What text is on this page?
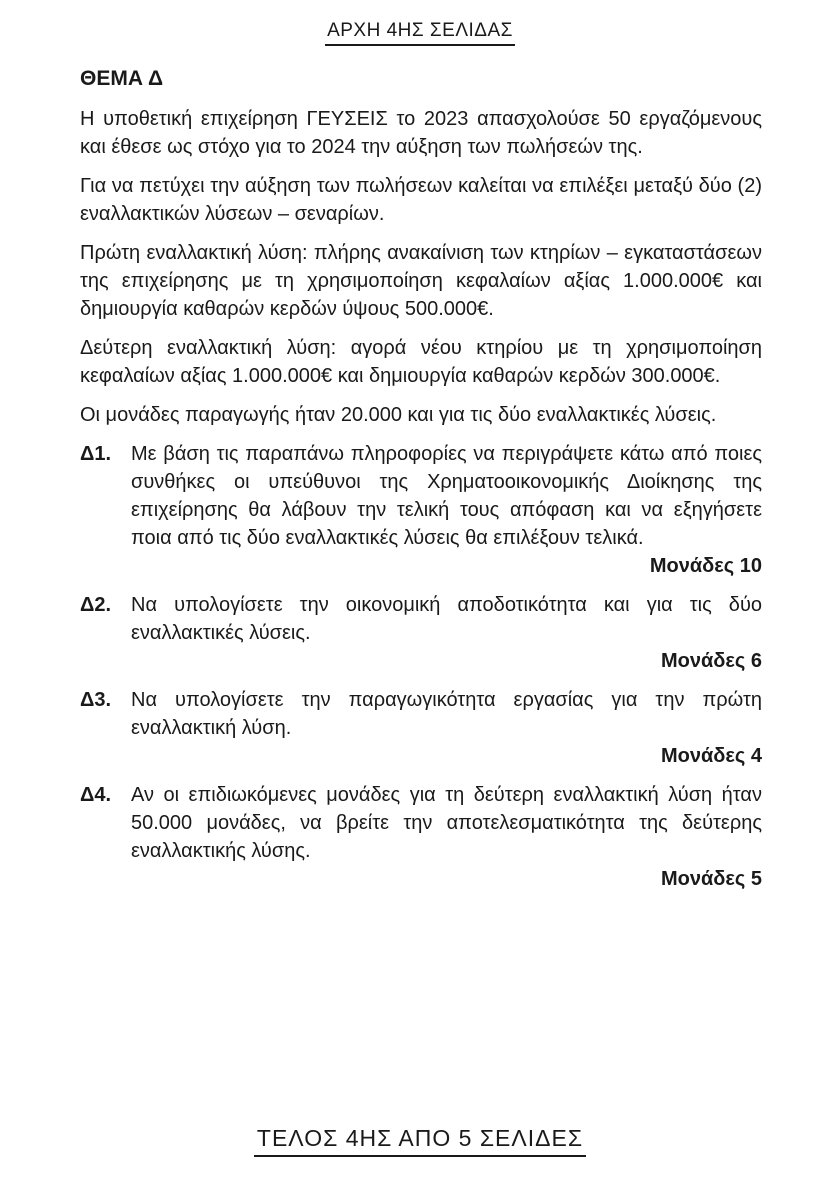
ΑΡΧΗ 4ΗΣ ΣΕΛΙΔΑΣ
ΘΕΜΑ Δ
Η υποθετική επιχείρηση ΓΕΥΣΕΙΣ το 2023 απασχολούσε 50 εργαζόμενους και έθεσε ως στόχο για το 2024 την αύξηση των πωλήσεών της.
Για να πετύχει την αύξηση των πωλήσεων καλείται να επιλέξει μεταξύ δύο (2) εναλλακτικών λύσεων – σεναρίων.
Πρώτη εναλλακτική λύση: πλήρης ανακαίνιση των κτηρίων – εγκαταστάσεων της επιχείρησης με τη χρησιμοποίηση κεφαλαίων αξίας 1.000.000€ και δημιουργία καθαρών κερδών ύψους 500.000€.
Δεύτερη εναλλακτική λύση: αγορά νέου κτηρίου με τη χρησιμοποίηση κεφαλαίων αξίας 1.000.000€ και δημιουργία καθαρών κερδών 300.000€.
Οι μονάδες παραγωγής ήταν 20.000 και για τις δύο εναλλακτικές λύσεις.
Δ1. Με βάση τις παραπάνω πληροφορίες να περιγράψετε κάτω από ποιες συνθήκες οι υπεύθυνοι της Χρηματοοικονομικής Διοίκησης της επιχείρησης θα λάβουν την τελική τους απόφαση και να εξηγήσετε ποια από τις δύο εναλλακτικές λύσεις θα επιλέξουν τελικά.
Μονάδες 10
Δ2. Να υπολογίσετε την οικονομική αποδοτικότητα και για τις δύο εναλλακτικές λύσεις.
Μονάδες 6
Δ3. Να υπολογίσετε την παραγωγικότητα εργασίας για την πρώτη εναλλακτική λύση.
Μονάδες 4
Δ4. Αν οι επιδιωκόμενες μονάδες για τη δεύτερη εναλλακτική λύση ήταν 50.000 μονάδες, να βρείτε την αποτελεσματικότητα της δεύτερης εναλλακτικής λύσης.
Μονάδες 5
ΤΕΛΟΣ 4ΗΣ ΑΠΟ 5 ΣΕΛΙΔΕΣ
